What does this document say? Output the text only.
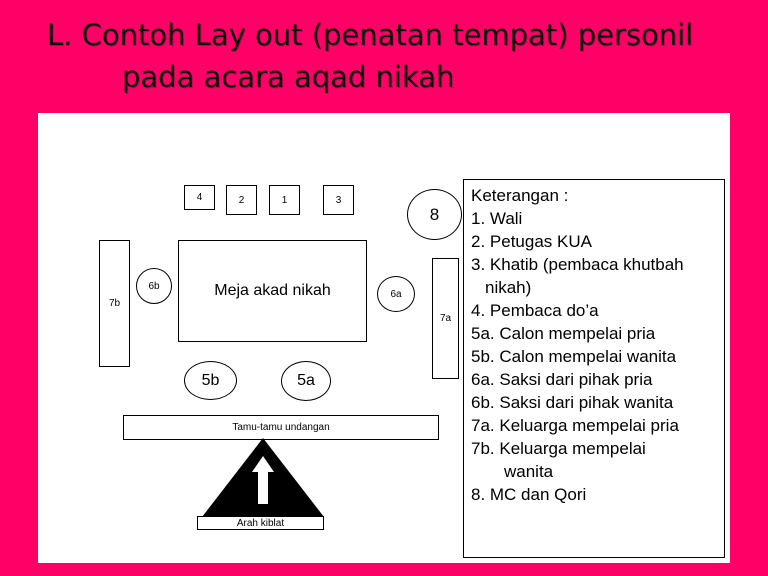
L. Contoh Lay out (penatan tempat) personil
pada acara aqad nikah
4	2	1	3
8
7b
6b	Meja akad nikah	6a
7a
5b	5a
Tamu-tamu undangan
Arah kiblat
Keterangan :
1. Wali
2. Petugas KUA
3. Khatib (pembaca khutbah
nikah)
4. Pembaca do’a
5a. Calon mempelai pria
5b. Calon mempelai wanita
6a. Saksi dari pihak pria
6b. Saksi dari pihak wanita
7a. Keluarga mempelai pria
7b. Keluarga mempelai
wanita
8. MC dan Qori
